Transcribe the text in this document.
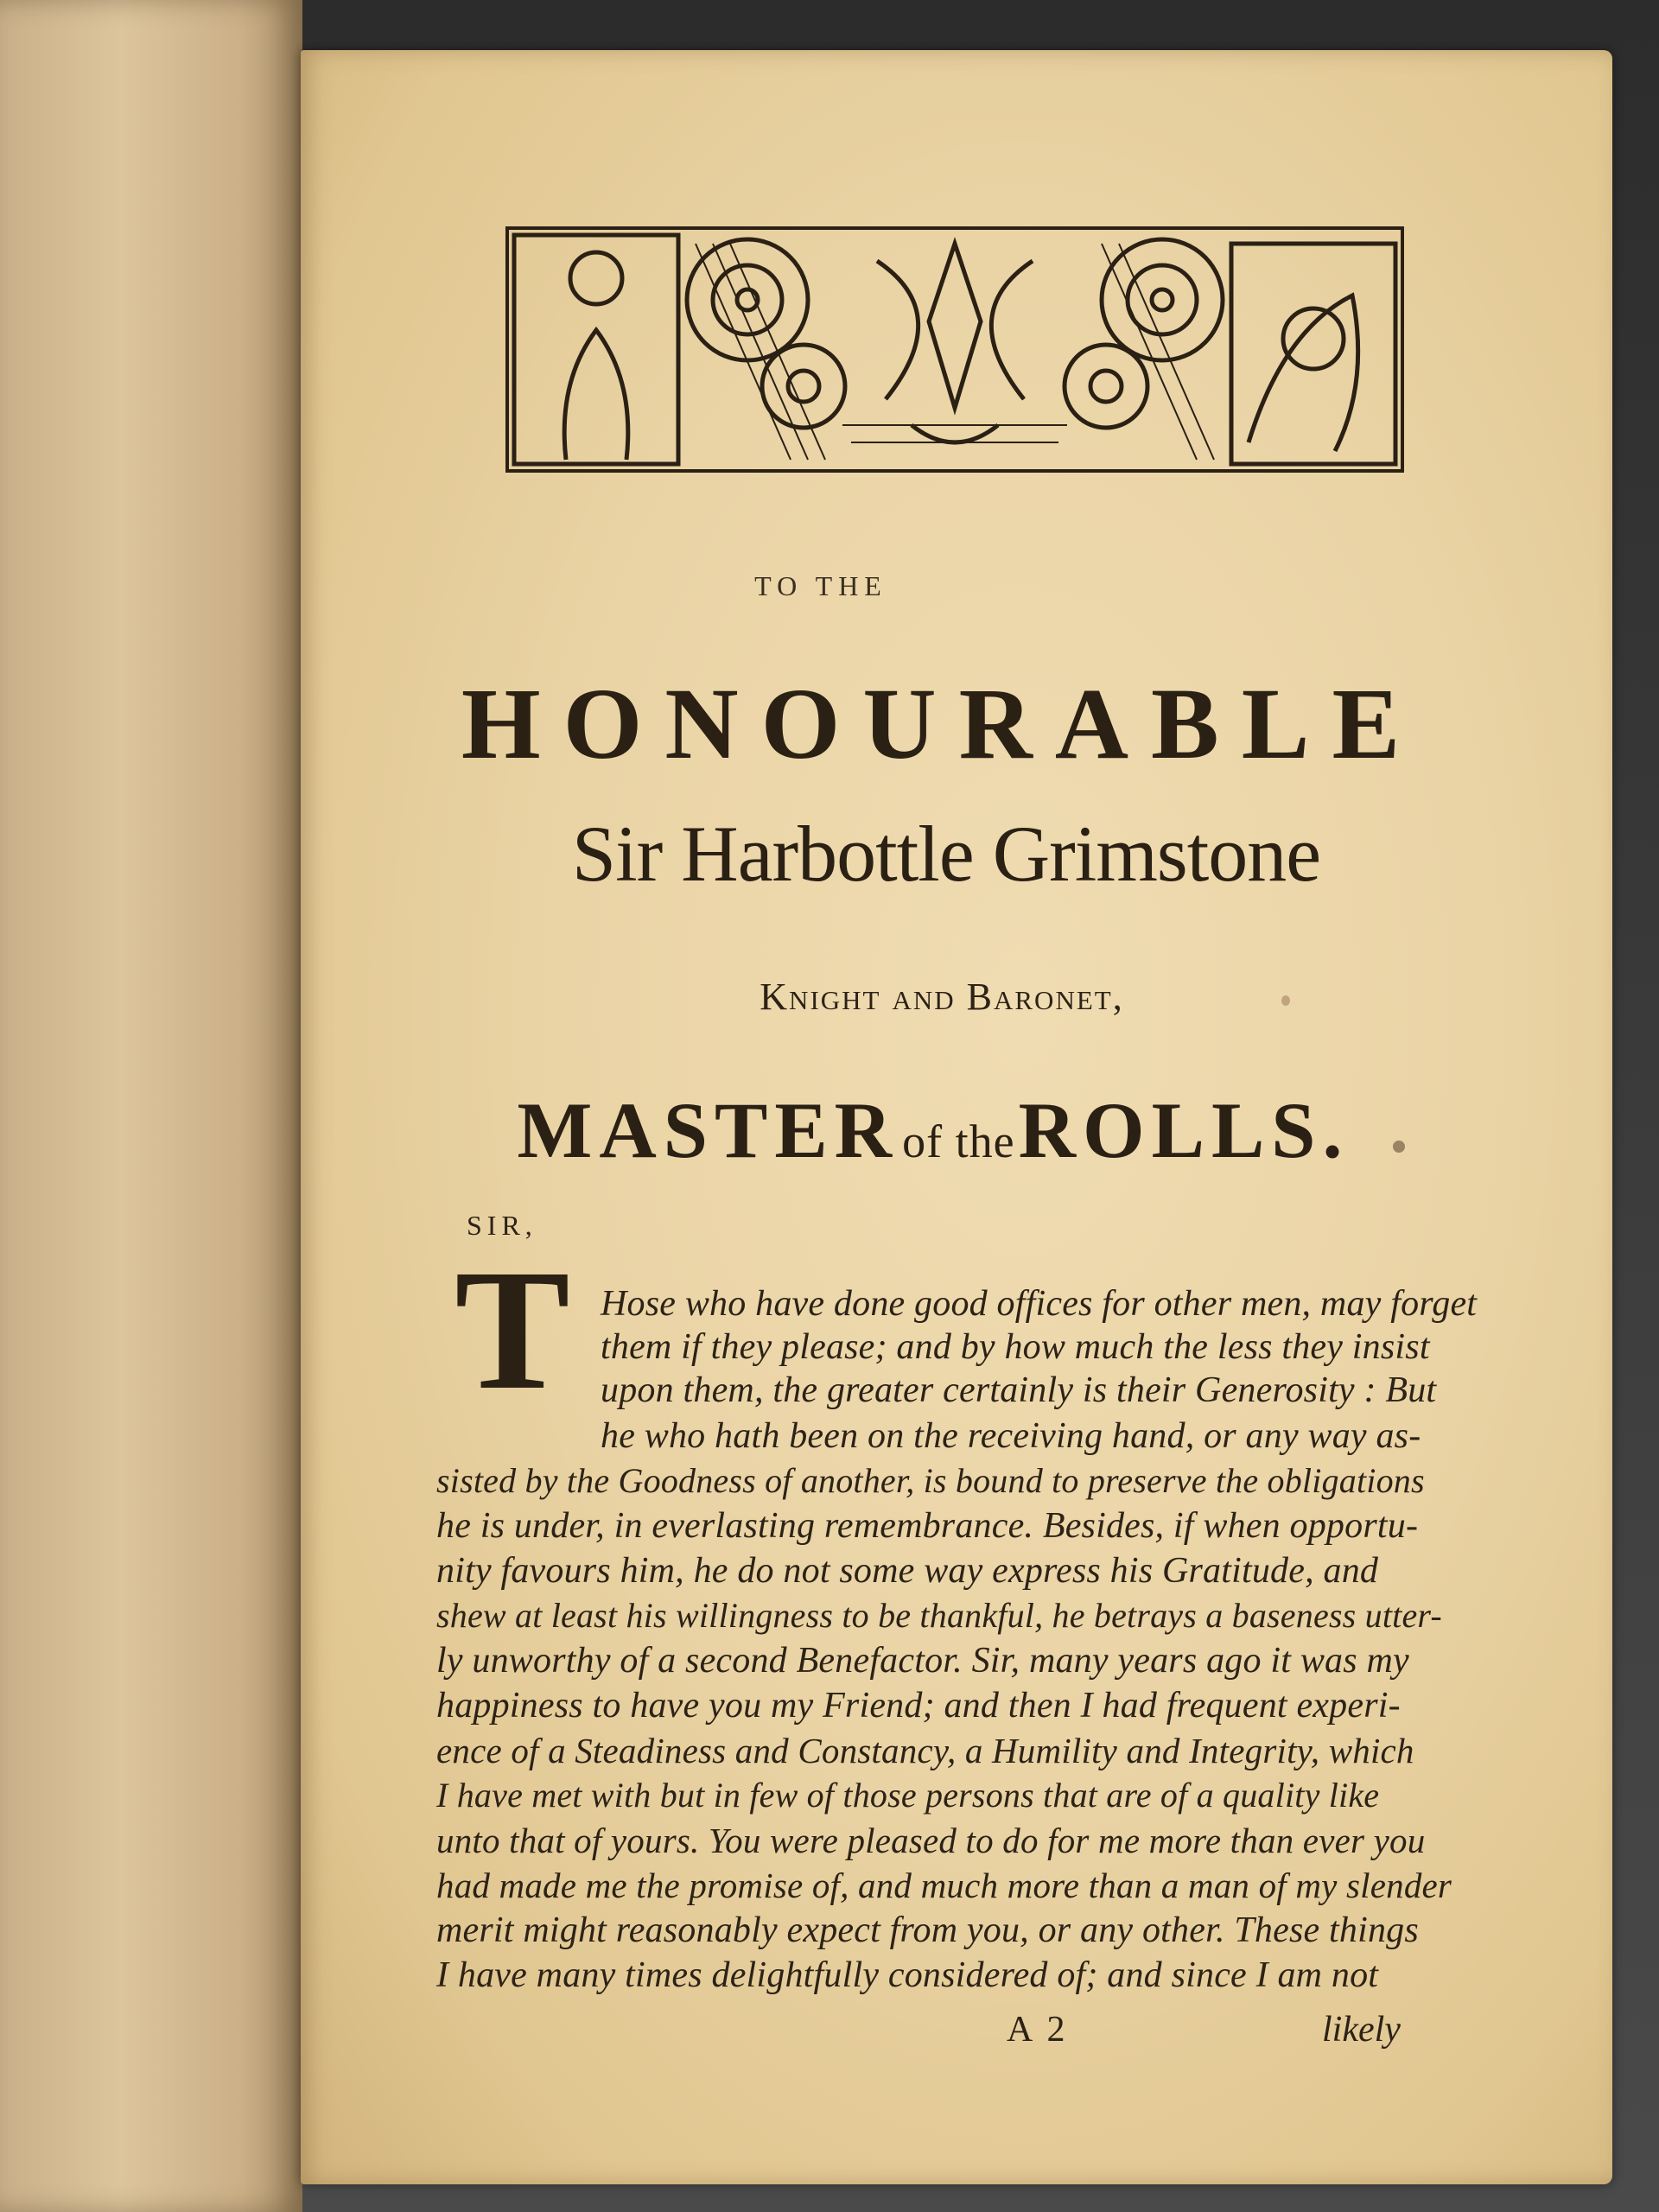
TO THE
HONOURABLE
Sir Harbottle Grimstone
Knight and Baronet,
MASTER of the ROLLS.
SIR,
T Hose who have done good offices for other men, may forget
them if they please; and by how much the less they insist
upon them, the greater certainly is their Generosity : But
he who hath been on the receiving hand, or any way as-
sisted by the Goodness of another, is bound to preserve the obligations
he is under, in everlasting remembrance. Besides, if when opportu-
nity favours him, he do not some way express his Gratitude, and
shew at least his willingness to be thankful, he betrays a baseness utter-
ly unworthy of a second Benefactor. Sir, many years ago it was my
happiness to have you my Friend; and then I had frequent experi-
ence of a Steadiness and Constancy, a Humility and Integrity, which
I have met with but in few of those persons that are of a quality like
unto that of yours. You were pleased to do for me more than ever you
had made me the promise of, and much more than a man of my slender
merit might reasonably expect from you, or any other. These things
I have many times delightfully considered of; and since I am not
A 2	likely
